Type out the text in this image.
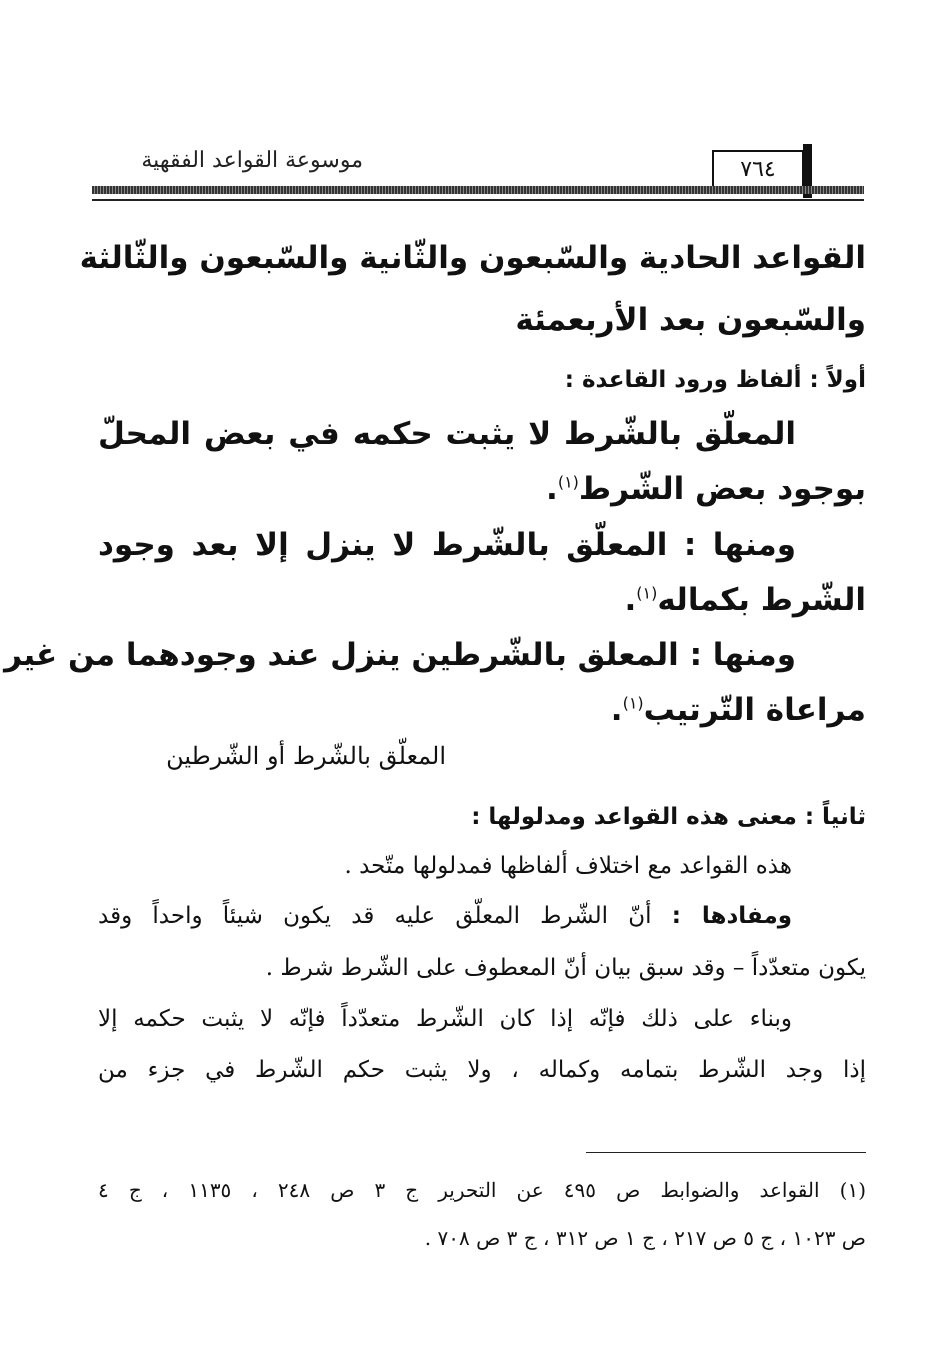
موسوعة القواعد الفقهية	٧٦٤
القواعد الحادية والسّبعون والثّانية والسّبعون والثّالثة
والسّبعون بعد الأربعمئة
أولاً : ألفاظ ورود القاعدة :
المعلّق بالشّرط لا يثبت حكمه في بعض المحلّ
بوجود بعض الشّرط$^{(١)}$.
ومنها : المعلّق بالشّرط لا ينزل إلا بعد وجود
الشّرط بكماله$^{(١)}$.
ومنها : المعلق بالشّرطين ينزل عند وجودهما من غير
مراعاة التّرتيب$^{(١)}$.
المعلّق بالشّرط أو الشّرطين
ثانياً : معنى هذه القواعد ومدلولها :
هذه القواعد مع اختلاف ألفاظها فمدلولها متّحد .
ومفادها : أنّ الشّرط المعلّق عليه قد يكون شيئاً واحداً وقد
يكون متعدّداً – وقد سبق بيان أنّ المعطوف على الشّرط شرط .
وبناء على ذلك فإنّه إذا كان الشّرط متعدّداً فإنّه لا يثبت حكمه إلا
إذا وجد الشّرط بتمامه وكماله ، ولا يثبت حكم الشّرط في جزء من
(١) القواعد والضوابط ص ٤٩٥ عن التحرير ج ٣ ص ٢٤٨ ، ١١٣٥ ، ج ٤
ص ١٠٢٣ ، ج ٥ ص ٢١٧ ، ج ١ ص ٣١٢ ، ج ٣ ص ٧٠٨ .
